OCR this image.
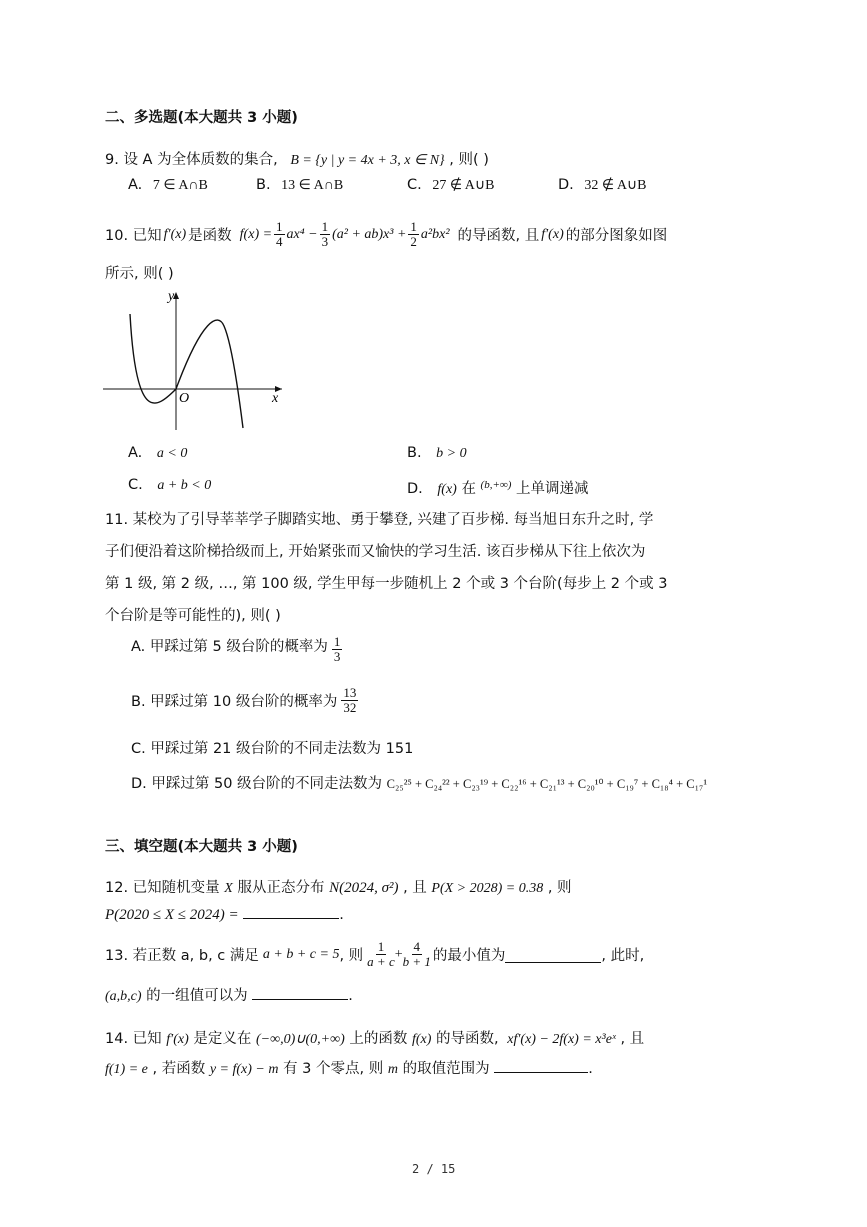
二、多选题(本大题共 3 小题)
9. 设 A 为全体质数的集合, B = {y | y = 4x + 3, x ∈ N} , 则( )
A. 7 ∈ A∩B	B. 13 ∈ A∩B	C. 27 ∉ A∪B	D. 32 ∉ A∪B
10. 已知 f′(x) 是函数 $f(x) = \frac{1}{4} ax^4 - \frac{1}{3} (a^2 + ab)x^3 + \frac{1}{2} a^2bx^2$ 的导函数, 且 f′(x) 的部分图象如图
所示, 则( )
y
x
O
A. a < 0	B. b > 0
C. a + b < 0	D. f(x) 在 $^{(b,+\infty)}$ 上单调递减
11. 某校为了引导莘莘学子脚踏实地、勇于攀登, 兴建了百步梯. 每当旭日东升之时, 学
子们便沿着这阶梯拾级而上, 开始紧张而又愉快的学习生活. 该百步梯从下往上依次为
第 1 级, 第 2 级, …, 第 100 级, 学生甲每一步随机上 2 个或 3 个台阶(每步上 2 个或 3
个台阶是等可能性的), 则( )
A. 甲踩过第 5 级台阶的概率为 $\frac{1}{3}$
B. 甲踩过第 10 级台阶的概率为 $\frac{13}{32}$
C. 甲踩过第 21 级台阶的不同走法数为 151
D. 甲踩过第 50 级台阶的不同走法数为 C₂₅²⁵ + C₂₄²² + C₂₃¹⁹ + C₂₂¹⁶ + C₂₁¹³ + C₂₀¹⁰ + C₁₉⁷ + C₁₈⁴ + C₁₇¹
三、填空题(本大题共 3 小题)
12. 已知随机变量 X 服从正态分布 N(2024, σ²) , 且 P(X > 2028) = 0.38 , 则
P(2020 ≤ X ≤ 2024) =	.
13. 若正数 a, b, c 满足 a + b + c = 5 , 则 $\frac{1}{a + c} + \frac{4}{b + 1}$ 的最小值为	, 此时,
(a,b,c) 的一组值可以为	.
14. 已知 f′(x) 是定义在 (−∞,0)∪(0,+∞) 上的函数 f(x) 的导函数, xf′(x) − 2f(x) = x³eˣ , 且
f(1) = e , 若函数 y = f(x) − m 有 3 个零点, 则 m 的取值范围为	.
2 / 15
